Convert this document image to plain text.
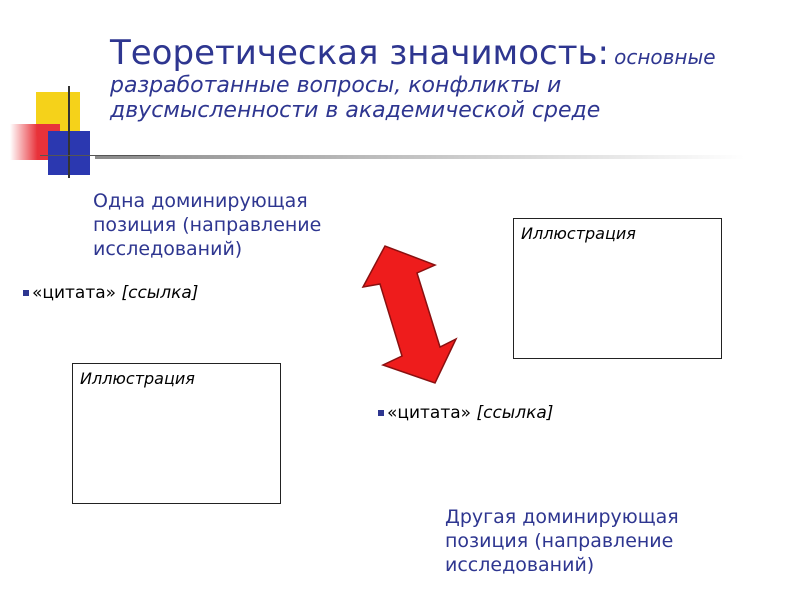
Теоретическая значимость: основные
разработанные вопросы, конфликты и
двусмысленности в академической среде
Одна доминирующая
позиция (направление
исследований)
«цитата» [ссылка]
Иллюстрация
Иллюстрация
«цитата» [ссылка]
Другая доминирующая
позиция (направление
исследований)
